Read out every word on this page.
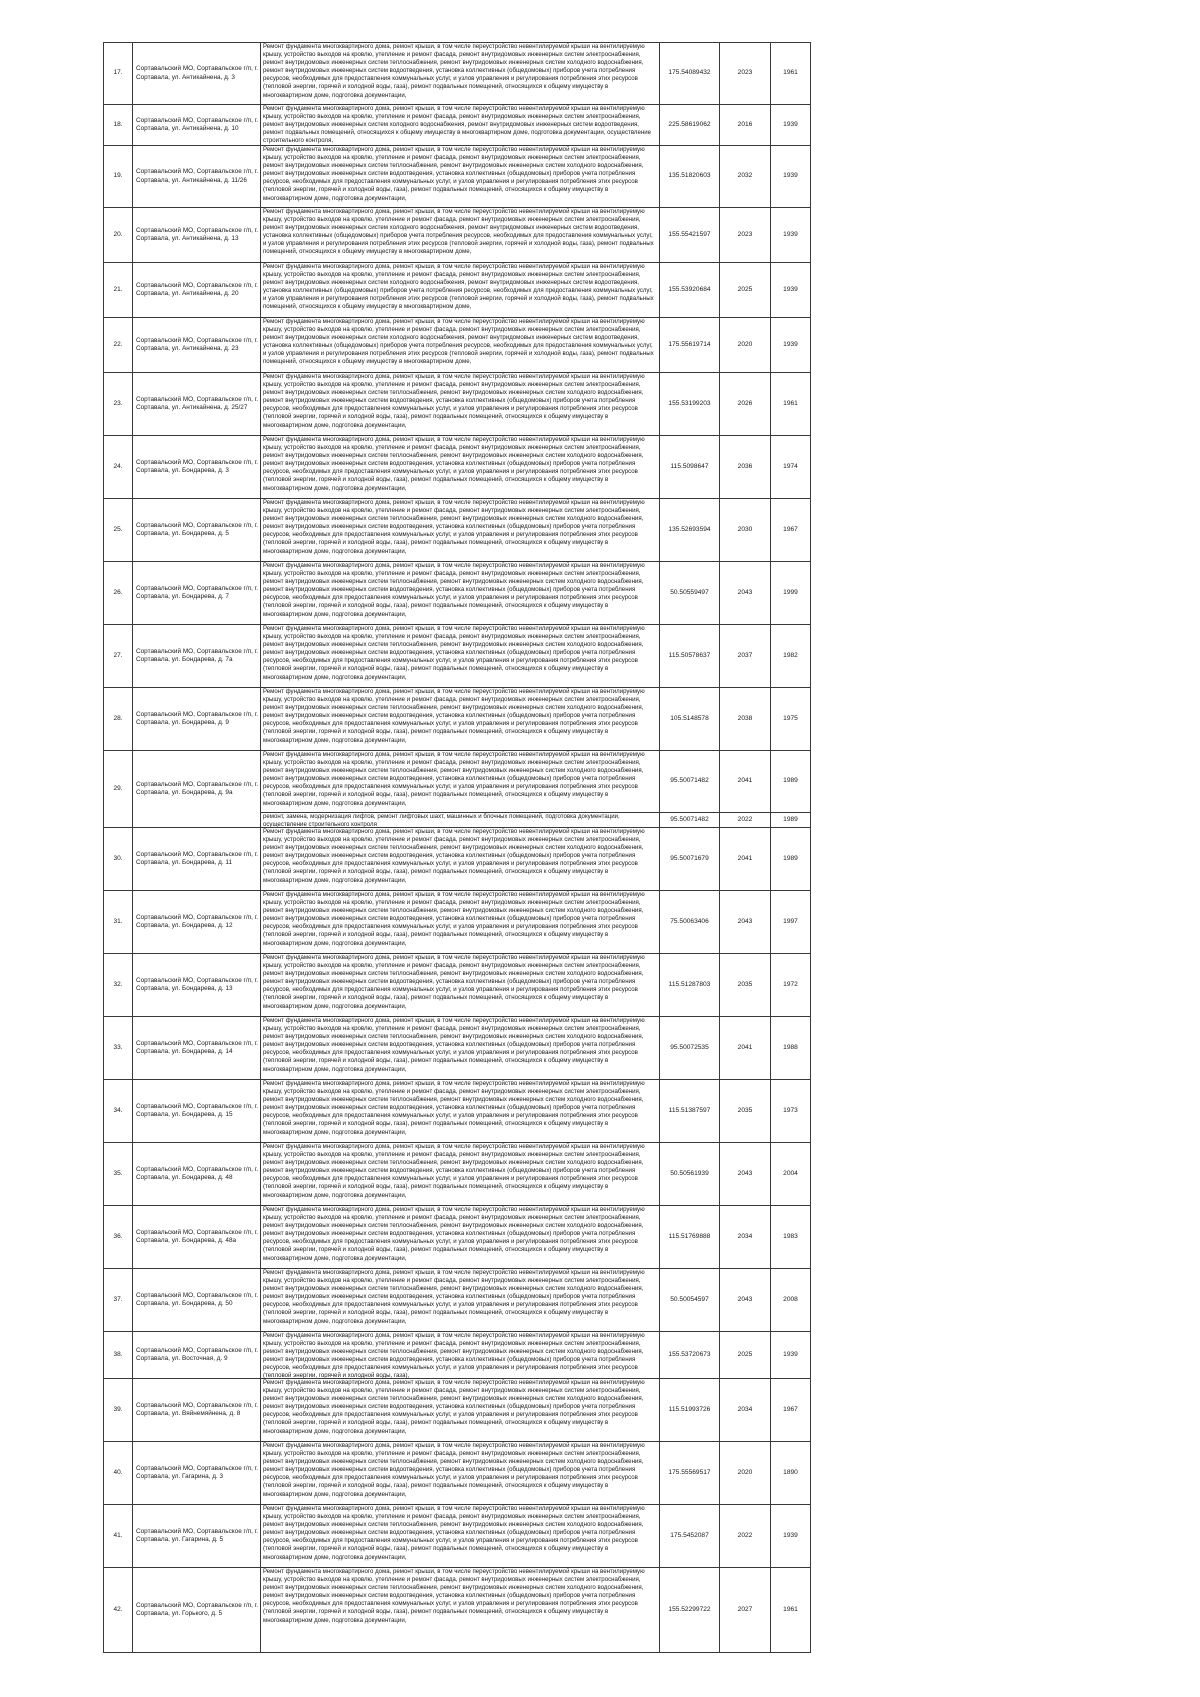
17.	Сортавальский МО, Сортавальское г/п, г. Сортавала, ул. Антикайнена, д. 3	Ремонт фундамента многоквартирного дома, ремонт крыши, в том числе переустройство невентилируемой крыши на вентилируемую крышу, устройство выходов на кровлю, утепление и ремонт фасада, ремонт внутридомовых инженерных систем электроснабжения, ремонт внутридомовых инженерных систем теплоснабжения, ремонт внутридомовых инженерных систем холодного водоснабжения, ремонт внутридомовых инженерных систем водоотведения, установка коллективных (общедомовых) приборов учета потребления ресурсов, необходимых для предоставления коммунальных услуг, и узлов управления и регулирования потребления этих ресурсов (тепловой энергии, горячей и холодной воды, газа), ремонт подвальных помещений, относящихся к общему имуществу в многоквартирном доме, подготовка документации,	175.54089432	2023	1961
18.	Сортавальский МО, Сортавальское г/п, г. Сортавала, ул. Антикайнена, д. 10	Ремонт фундамента многоквартирного дома, ремонт крыши, в том числе переустройство невентилируемой крыши на вентилируемую крышу, устройство выходов на кровлю, утепление и ремонт фасада, ремонт внутридомовых инженерных систем электроснабжения, ремонт внутридомовых инженерных систем холодного водоснабжения, ремонт внутридомовых инженерных систем водоотведения, ремонт подвальных помещений, относящихся к общему имуществу в многоквартирном доме, подготовка документации, осуществление строительного контроля,	225.58619062	2016	1939
19.	Сортавальский МО, Сортавальское г/п, г. Сортавала, ул. Антикайнена, д. 11/26	Ремонт фундамента многоквартирного дома, ремонт крыши, в том числе переустройство невентилируемой крыши на вентилируемую крышу, устройство выходов на кровлю, утепление и ремонт фасада, ремонт внутридомовых инженерных систем электроснабжения, ремонт внутридомовых инженерных систем теплоснабжения, ремонт внутридомовых инженерных систем холодного водоснабжения, ремонт внутридомовых инженерных систем водоотведения, установка коллективных (общедомовых) приборов учета потребления ресурсов, необходимых для предоставления коммунальных услуг, и узлов управления и регулирования потребления этих ресурсов (тепловой энергии, горячей и холодной воды, газа), ремонт подвальных помещений, относящихся к общему имуществу в многоквартирном доме, подготовка документации,	135.51820603	2032	1939
20.	Сортавальский МО, Сортавальское г/п, г. Сортавала, ул. Антикайнена, д. 13	Ремонт фундамента многоквартирного дома, ремонт крыши, в том числе переустройство невентилируемой крыши на вентилируемую крышу, устройство выходов на кровлю, утепление и ремонт фасада, ремонт внутридомовых инженерных систем электроснабжения, ремонт внутридомовых инженерных систем холодного водоснабжения, ремонт внутридомовых инженерных систем водоотведения, установка коллективных (общедомовых) приборов учета потребления ресурсов, необходимых для предоставления коммунальных услуг, и узлов управления и регулирования потребления этих ресурсов (тепловой энергии, горячей и холодной воды, газа), ремонт подвальных помещений, относящихся к общему имуществу в многоквартирном доме,	155.55421597	2023	1939
21.	Сортавальский МО, Сортавальское г/п, г. Сортавала, ул. Антикайнена, д. 20	Ремонт фундамента многоквартирного дома, ремонт крыши, в том числе переустройство невентилируемой крыши на вентилируемую крышу, устройство выходов на кровлю, утепление и ремонт фасада, ремонт внутридомовых инженерных систем электроснабжения, ремонт внутридомовых инженерных систем холодного водоснабжения, ремонт внутридомовых инженерных систем водоотведения, установка коллективных (общедомовых) приборов учета потребления ресурсов, необходимых для предоставления коммунальных услуг, и узлов управления и регулирования потребления этих ресурсов (тепловой энергии, горячей и холодной воды, газа), ремонт подвальных помещений, относящихся к общему имуществу в многоквартирном доме,	155.53920684	2025	1939
22.	Сортавальский МО, Сортавальское г/п, г. Сортавала, ул. Антикайнена, д. 23	Ремонт фундамента многоквартирного дома, ремонт крыши, в том числе переустройство невентилируемой крыши на вентилируемую крышу, устройство выходов на кровлю, утепление и ремонт фасада, ремонт внутридомовых инженерных систем электроснабжения, ремонт внутридомовых инженерных систем холодного водоснабжения, ремонт внутридомовых инженерных систем водоотведения, установка коллективных (общедомовых) приборов учета потребления ресурсов, необходимых для предоставления коммунальных услуг, и узлов управления и регулирования потребления этих ресурсов (тепловой энергии, горячей и холодной воды, газа), ремонт подвальных помещений, относящихся к общему имуществу в многоквартирном доме,	175.55619714	2020	1939
23.	Сортавальский МО, Сортавальское г/п, г. Сортавала, ул. Антикайнена, д. 25/27	Ремонт фундамента многоквартирного дома, ремонт крыши, в том числе переустройство невентилируемой крыши на вентилируемую крышу, устройство выходов на кровлю, утепление и ремонт фасада, ремонт внутридомовых инженерных систем электроснабжения, ремонт внутридомовых инженерных систем теплоснабжения, ремонт внутридомовых инженерных систем холодного водоснабжения, ремонт внутридомовых инженерных систем водоотведения, установка коллективных (общедомовых) приборов учета потребления ресурсов, необходимых для предоставления коммунальных услуг, и узлов управления и регулирования потребления этих ресурсов (тепловой энергии, горячей и холодной воды, газа), ремонт подвальных помещений, относящихся к общему имуществу в многоквартирном доме, подготовка документации,	155.53199203	2026	1961
24.	Сортавальский МО, Сортавальское г/п, г. Сортавала, ул. Бондарева, д. 3	Ремонт фундамента многоквартирного дома, ремонт крыши, в том числе переустройство невентилируемой крыши на вентилируемую крышу, устройство выходов на кровлю, утепление и ремонт фасада, ремонт внутридомовых инженерных систем электроснабжения, ремонт внутридомовых инженерных систем теплоснабжения, ремонт внутридомовых инженерных систем холодного водоснабжения, ремонт внутридомовых инженерных систем водоотведения, установка коллективных (общедомовых) приборов учета потребления ресурсов, необходимых для предоставления коммунальных услуг, и узлов управления и регулирования потребления этих ресурсов (тепловой энергии, горячей и холодной воды, газа), ремонт подвальных помещений, относящихся к общему имуществу в многоквартирном доме, подготовка документации,	115.5098647	2036	1974
25.	Сортавальский МО, Сортавальское г/п, г. Сортавала, ул. Бондарева, д. 5	Ремонт фундамента многоквартирного дома, ремонт крыши, в том числе переустройство невентилируемой крыши на вентилируемую крышу, устройство выходов на кровлю, утепление и ремонт фасада, ремонт внутридомовых инженерных систем электроснабжения, ремонт внутридомовых инженерных систем теплоснабжения, ремонт внутридомовых инженерных систем холодного водоснабжения, ремонт внутридомовых инженерных систем водоотведения, установка коллективных (общедомовых) приборов учета потребления ресурсов, необходимых для предоставления коммунальных услуг, и узлов управления и регулирования потребления этих ресурсов (тепловой энергии, горячей и холодной воды, газа), ремонт подвальных помещений, относящихся к общему имуществу в многоквартирном доме, подготовка документации,	135.52693594	2030	1967
26.	Сортавальский МО, Сортавальское г/п, г. Сортавала, ул. Бондарева, д. 7	Ремонт фундамента многоквартирного дома, ремонт крыши, в том числе переустройство невентилируемой крыши на вентилируемую крышу, устройство выходов на кровлю, утепление и ремонт фасада, ремонт внутридомовых инженерных систем электроснабжения, ремонт внутридомовых инженерных систем теплоснабжения, ремонт внутридомовых инженерных систем холодного водоснабжения, ремонт внутридомовых инженерных систем водоотведения, установка коллективных (общедомовых) приборов учета потребления ресурсов, необходимых для предоставления коммунальных услуг, и узлов управления и регулирования потребления этих ресурсов (тепловой энергии, горячей и холодной воды, газа), ремонт подвальных помещений, относящихся к общему имуществу в многоквартирном доме, подготовка документации,	50.50559497	2043	1999
27.	Сортавальский МО, Сортавальское г/п, г. Сортавала, ул. Бондарева, д. 7а	Ремонт фундамента многоквартирного дома, ремонт крыши, в том числе переустройство невентилируемой крыши на вентилируемую крышу, устройство выходов на кровлю, утепление и ремонт фасада, ремонт внутридомовых инженерных систем электроснабжения, ремонт внутридомовых инженерных систем теплоснабжения, ремонт внутридомовых инженерных систем холодного водоснабжения, ремонт внутридомовых инженерных систем водоотведения, установка коллективных (общедомовых) приборов учета потребления ресурсов, необходимых для предоставления коммунальных услуг, и узлов управления и регулирования потребления этих ресурсов (тепловой энергии, горячей и холодной воды, газа), ремонт подвальных помещений, относящихся к общему имуществу в многоквартирном доме, подготовка документации,	115.50578637	2037	1982
28.	Сортавальский МО, Сортавальское г/п, г. Сортавала, ул. Бондарева, д. 9	Ремонт фундамента многоквартирного дома, ремонт крыши, в том числе переустройство невентилируемой крыши на вентилируемую крышу, устройство выходов на кровлю, утепление и ремонт фасада, ремонт внутридомовых инженерных систем электроснабжения, ремонт внутридомовых инженерных систем теплоснабжения, ремонт внутридомовых инженерных систем холодного водоснабжения, ремонт внутридомовых инженерных систем водоотведения, установка коллективных (общедомовых) приборов учета потребления ресурсов, необходимых для предоставления коммунальных услуг, и узлов управления и регулирования потребления этих ресурсов (тепловой энергии, горячей и холодной воды, газа), ремонт подвальных помещений, относящихся к общему имуществу в многоквартирном доме, подготовка документации,	105.5148578	2038	1975
29.	Сортавальский МО, Сортавальское г/п, г. Сортавала, ул. Бондарева, д. 9а	Ремонт фундамента многоквартирного дома, ремонт крыши, в том числе переустройство невентилируемой крыши на вентилируемую крышу, устройство выходов на кровлю, утепление и ремонт фасада, ремонт внутридомовых инженерных систем электроснабжения, ремонт внутридомовых инженерных систем теплоснабжения, ремонт внутридомовых инженерных систем холодного водоснабжения, ремонт внутридомовых инженерных систем водоотведения, установка коллективных (общедомовых) приборов учета потребления ресурсов, необходимых для предоставления коммунальных услуг, и узлов управления и регулирования потребления этих ресурсов (тепловой энергии, горячей и холодной воды, газа), ремонт подвальных помещений, относящихся к общему имуществу в многоквартирном доме, подготовка документации,	95.50071482	2041	1989

		ремонт, замена, модернизация лифтов, ремонт лифтовых шахт, машинных и блочных помещений, подготовка документации, осуществление строительного контроля	95.50071482	2022	1989
30.	Сортавальский МО, Сортавальское г/п, г. Сортавала, ул. Бондарева, д. 11	Ремонт фундамента многоквартирного дома, ремонт крыши, в том числе переустройство невентилируемой крыши на вентилируемую крышу, устройство выходов на кровлю, утепление и ремонт фасада, ремонт внутридомовых инженерных систем электроснабжения, ремонт внутридомовых инженерных систем теплоснабжения, ремонт внутридомовых инженерных систем холодного водоснабжения, ремонт внутридомовых инженерных систем водоотведения, установка коллективных (общедомовых) приборов учета потребления ресурсов, необходимых для предоставления коммунальных услуг, и узлов управления и регулирования потребления этих ресурсов (тепловой энергии, горячей и холодной воды, газа), ремонт подвальных помещений, относящихся к общему имуществу в многоквартирном доме, подготовка документации,	95.50071679	2041	1989
31.	Сортавальский МО, Сортавальское г/п, г. Сортавала, ул. Бондарева, д. 12	Ремонт фундамента многоквартирного дома, ремонт крыши, в том числе переустройство невентилируемой крыши на вентилируемую крышу, устройство выходов на кровлю, утепление и ремонт фасада, ремонт внутридомовых инженерных систем электроснабжения, ремонт внутридомовых инженерных систем теплоснабжения, ремонт внутридомовых инженерных систем холодного водоснабжения, ремонт внутридомовых инженерных систем водоотведения, установка коллективных (общедомовых) приборов учета потребления ресурсов, необходимых для предоставления коммунальных услуг, и узлов управления и регулирования потребления этих ресурсов (тепловой энергии, горячей и холодной воды, газа), ремонт подвальных помещений, относящихся к общему имуществу в многоквартирном доме, подготовка документации,	75.50063406	2043	1997
32.	Сортавальский МО, Сортавальское г/п, г. Сортавала, ул. Бондарева, д. 13	Ремонт фундамента многоквартирного дома, ремонт крыши, в том числе переустройство невентилируемой крыши на вентилируемую крышу, устройство выходов на кровлю, утепление и ремонт фасада, ремонт внутридомовых инженерных систем электроснабжения, ремонт внутридомовых инженерных систем теплоснабжения, ремонт внутридомовых инженерных систем холодного водоснабжения, ремонт внутридомовых инженерных систем водоотведения, установка коллективных (общедомовых) приборов учета потребления ресурсов, необходимых для предоставления коммунальных услуг, и узлов управления и регулирования потребления этих ресурсов (тепловой энергии, горячей и холодной воды, газа), ремонт подвальных помещений, относящихся к общему имуществу в многоквартирном доме, подготовка документации,	115.51287803	2035	1972
33.	Сортавальский МО, Сортавальское г/п, г. Сортавала, ул. Бондарева, д. 14	Ремонт фундамента многоквартирного дома, ремонт крыши, в том числе переустройство невентилируемой крыши на вентилируемую крышу, устройство выходов на кровлю, утепление и ремонт фасада, ремонт внутридомовых инженерных систем электроснабжения, ремонт внутридомовых инженерных систем теплоснабжения, ремонт внутридомовых инженерных систем холодного водоснабжения, ремонт внутридомовых инженерных систем водоотведения, установка коллективных (общедомовых) приборов учета потребления ресурсов, необходимых для предоставления коммунальных услуг, и узлов управления и регулирования потребления этих ресурсов (тепловой энергии, горячей и холодной воды, газа), ремонт подвальных помещений, относящихся к общему имуществу в многоквартирном доме, подготовка документации,	95.50072535	2041	1988
34.	Сортавальский МО, Сортавальское г/п, г. Сортавала, ул. Бондарева, д. 15	Ремонт фундамента многоквартирного дома, ремонт крыши, в том числе переустройство невентилируемой крыши на вентилируемую крышу, устройство выходов на кровлю, утепление и ремонт фасада, ремонт внутридомовых инженерных систем электроснабжения, ремонт внутридомовых инженерных систем теплоснабжения, ремонт внутридомовых инженерных систем холодного водоснабжения, ремонт внутридомовых инженерных систем водоотведения, установка коллективных (общедомовых) приборов учета потребления ресурсов, необходимых для предоставления коммунальных услуг, и узлов управления и регулирования потребления этих ресурсов (тепловой энергии, горячей и холодной воды, газа), ремонт подвальных помещений, относящихся к общему имуществу в многоквартирном доме, подготовка документации,	115.51387597	2035	1973
35.	Сортавальский МО, Сортавальское г/п, г. Сортавала, ул. Бондарева, д. 48	Ремонт фундамента многоквартирного дома, ремонт крыши, в том числе переустройство невентилируемой крыши на вентилируемую крышу, устройство выходов на кровлю, утепление и ремонт фасада, ремонт внутридомовых инженерных систем электроснабжения, ремонт внутридомовых инженерных систем теплоснабжения, ремонт внутридомовых инженерных систем холодного водоснабжения, ремонт внутридомовых инженерных систем водоотведения, установка коллективных (общедомовых) приборов учета потребления ресурсов, необходимых для предоставления коммунальных услуг, и узлов управления и регулирования потребления этих ресурсов (тепловой энергии, горячей и холодной воды, газа), ремонт подвальных помещений, относящихся к общему имуществу в многоквартирном доме, подготовка документации,	50.50561939	2043	2004
36.	Сортавальский МО, Сортавальское г/п, г. Сортавала, ул. Бондарева, д. 48а	Ремонт фундамента многоквартирного дома, ремонт крыши, в том числе переустройство невентилируемой крыши на вентилируемую крышу, устройство выходов на кровлю, утепление и ремонт фасада, ремонт внутридомовых инженерных систем электроснабжения, ремонт внутридомовых инженерных систем теплоснабжения, ремонт внутридомовых инженерных систем холодного водоснабжения, ремонт внутридомовых инженерных систем водоотведения, установка коллективных (общедомовых) приборов учета потребления ресурсов, необходимых для предоставления коммунальных услуг, и узлов управления и регулирования потребления этих ресурсов (тепловой энергии, горячей и холодной воды, газа), ремонт подвальных помещений, относящихся к общему имуществу в многоквартирном доме, подготовка документации,	115.51769888	2034	1983
37.	Сортавальский МО, Сортавальское г/п, г. Сортавала, ул. Бондарева, д. 50	Ремонт фундамента многоквартирного дома, ремонт крыши, в том числе переустройство невентилируемой крыши на вентилируемую крышу, устройство выходов на кровлю, утепление и ремонт фасада, ремонт внутридомовых инженерных систем электроснабжения, ремонт внутридомовых инженерных систем теплоснабжения, ремонт внутридомовых инженерных систем холодного водоснабжения, ремонт внутридомовых инженерных систем водоотведения, установка коллективных (общедомовых) приборов учета потребления ресурсов, необходимых для предоставления коммунальных услуг, и узлов управления и регулирования потребления этих ресурсов (тепловой энергии, горячей и холодной воды, газа), ремонт подвальных помещений, относящихся к общему имуществу в многоквартирном доме, подготовка документации,	50.50054597	2043	2008
38.	Сортавальский МО, Сортавальское г/п, г. Сортавала, ул. Восточная, д. 9	Ремонт фундамента многоквартирного дома, ремонт крыши, в том числе переустройство невентилируемой крыши на вентилируемую крышу, устройство выходов на кровлю, утепление и ремонт фасада, ремонт внутридомовых инженерных систем электроснабжения, ремонт внутридомовых инженерных систем теплоснабжения, ремонт внутридомовых инженерных систем холодного водоснабжения, ремонт внутридомовых инженерных систем водоотведения, установка коллективных (общедомовых) приборов учета потребления ресурсов, необходимых для предоставления коммунальных услуг, и узлов управления и регулирования потребления этих ресурсов (тепловой энергии, горячей и холодной воды, газа),	155.53720673	2025	1939
39.	Сортавальский МО, Сортавальское г/п, г. Сортавала, ул. Вяйнемяйнена, д. 8	Ремонт фундамента многоквартирного дома, ремонт крыши, в том числе переустройство невентилируемой крыши на вентилируемую крышу, устройство выходов на кровлю, утепление и ремонт фасада, ремонт внутридомовых инженерных систем электроснабжения, ремонт внутридомовых инженерных систем теплоснабжения, ремонт внутридомовых инженерных систем холодного водоснабжения, ремонт внутридомовых инженерных систем водоотведения, установка коллективных (общедомовых) приборов учета потребления ресурсов, необходимых для предоставления коммунальных услуг, и узлов управления и регулирования потребления этих ресурсов (тепловой энергии, горячей и холодной воды, газа), ремонт подвальных помещений, относящихся к общему имуществу в многоквартирном доме, подготовка документации,	115.51993726	2034	1967
40.	Сортавальский МО, Сортавальское г/п, г. Сортавала, ул. Гагарина, д. 3	Ремонт фундамента многоквартирного дома, ремонт крыши, в том числе переустройство невентилируемой крыши на вентилируемую крышу, устройство выходов на кровлю, утепление и ремонт фасада, ремонт внутридомовых инженерных систем электроснабжения, ремонт внутридомовых инженерных систем теплоснабжения, ремонт внутридомовых инженерных систем холодного водоснабжения, ремонт внутридомовых инженерных систем водоотведения, установка коллективных (общедомовых) приборов учета потребления ресурсов, необходимых для предоставления коммунальных услуг, и узлов управления и регулирования потребления этих ресурсов (тепловой энергии, горячей и холодной воды, газа), ремонт подвальных помещений, относящихся к общему имуществу в многоквартирном доме, подготовка документации,	175.55569517	2020	1890
41.	Сортавальский МО, Сортавальское г/п, г. Сортавала, ул. Гагарина, д. 5	Ремонт фундамента многоквартирного дома, ремонт крыши, в том числе переустройство невентилируемой крыши на вентилируемую крышу, устройство выходов на кровлю, утепление и ремонт фасада, ремонт внутридомовых инженерных систем электроснабжения, ремонт внутридомовых инженерных систем теплоснабжения, ремонт внутридомовых инженерных систем холодного водоснабжения, ремонт внутридомовых инженерных систем водоотведения, установка коллективных (общедомовых) приборов учета потребления ресурсов, необходимых для предоставления коммунальных услуг, и узлов управления и регулирования потребления этих ресурсов (тепловой энергии, горячей и холодной воды, газа), ремонт подвальных помещений, относящихся к общему имуществу в многоквартирном доме, подготовка документации,	175.5452087	2022	1939
42.	Сортавальский МО, Сортавальское г/п, г. Сортавала, ул. Горького, д. 5	Ремонт фундамента многоквартирного дома, ремонт крыши, в том числе переустройство невентилируемой крыши на вентилируемую крышу, устройство выходов на кровлю, утепление и ремонт фасада, ремонт внутридомовых инженерных систем электроснабжения, ремонт внутридомовых инженерных систем теплоснабжения, ремонт внутридомовых инженерных систем холодного водоснабжения, ремонт внутридомовых инженерных систем водоотведения, установка коллективных (общедомовых) приборов учета потребления ресурсов, необходимых для предоставления коммунальных услуг, и узлов управления и регулирования потребления этих ресурсов (тепловой энергии, горячей и холодной воды, газа), ремонт подвальных помещений, относящихся к общему имуществу в многоквартирном доме, подготовка документации,	155.52299722	2027	1961
